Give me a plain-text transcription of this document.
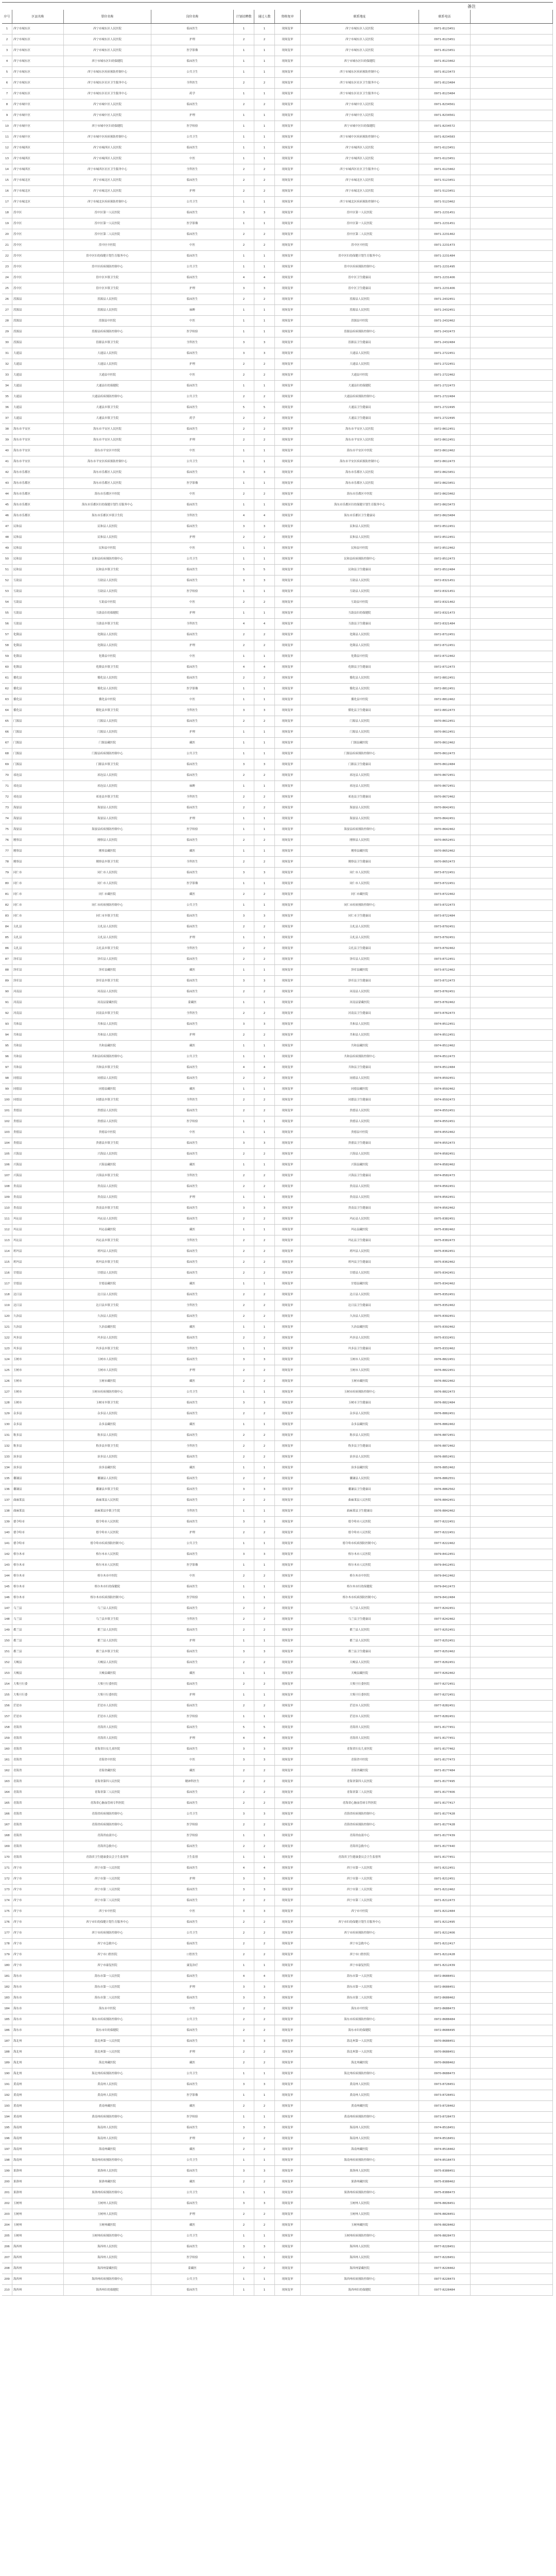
备注
序号	区县名称	單位名称	岗位名称	计划招聘数	通过人数	资格复审	联系地址	联系电话
1	西宁市城东区	西宁市城东区人民医院	临床医生	1	1	现场复审	西宁市城东区人民医院	0971-8123451
2	西宁市城东区	西宁市城东区人民医院	护理	2	2	现场复审	西宁市城东区人民医院	0971-8123451
3	西宁市城东区	西宁市城东区人民医院	医学影像	1	1	现场复审	西宁市城东区人民医院	0971-8123451
4	西宁市城东区	西宁市城东区妇幼保健院	临床医生	1	1	现场复审	西宁市城东区妇幼保健院	0971-8123462
5	西宁市城东区	西宁市城东区疾病预防控制中心	公共卫生	1	1	现场复审	西宁市城东区疾病预防控制中心	0971-8123473
6	西宁市城东区	西宁市城东区社区卫生服务中心	全科医生	2	2	现场复审	西宁市城东区社区卫生服务中心	0971-8123484
7	西宁市城东区	西宁市城东区社区卫生服务中心	药学	1	1	现场复审	西宁市城东区社区卫生服务中心	0971-8123484
8	西宁市城中区	西宁市城中区人民医院	临床医生	2	2	现场复审	西宁市城中区人民医院	0971-8234561
9	西宁市城中区	西宁市城中区人民医院	护理	1	1	现场复审	西宁市城中区人民医院	0971-8234561
10	西宁市城中区	西宁市城中区妇幼保健院	医学检验	1	1	现场复审	西宁市城中区妇幼保健院	0971-8234572
11	西宁市城中区	西宁市城中区疾病预防控制中心	公共卫生	1	1	现场复审	西宁市城中区疾病预防控制中心	0971-8234583
12	西宁市城西区	西宁市城西区人民医院	临床医生	1	1	现场复审	西宁市城西区人民医院	0971-6123451
13	西宁市城西区	西宁市城西区人民医院	中医	1	1	现场复审	西宁市城西区人民医院	0971-6123451
14	西宁市城西区	西宁市城西区社区卫生服务中心	全科医生	2	2	现场复审	西宁市城西区社区卫生服务中心	0971-6123462
15	西宁市城北区	西宁市城北区人民医院	临床医生	2	2	现场复审	西宁市城北区人民医院	0971-5123451
16	西宁市城北区	西宁市城北区人民医院	护理	2	2	现场复审	西宁市城北区人民医院	0971-5123451
17	西宁市城北区	西宁市城北区疾病预防控制中心	公共卫生	1	1	现场复审	西宁市城北区疾病预防控制中心	0971-5123462
18	湟中区	湟中区第一人民医院	临床医生	3	3	现场复审	湟中区第一人民医院	0971-2231451
19	湟中区	湟中区第一人民医院	医学影像	1	1	现场复审	湟中区第一人民医院	0971-2231451
20	湟中区	湟中区第二人民医院	临床医生	2	2	现场复审	湟中区第二人民医院	0971-2231462
21	湟中区	湟中区中医院	中医	2	2	现场复审	湟中区中医院	0971-2231473
22	湟中区	湟中区妇幼保健计划生育服务中心	临床医生	1	1	现场复审	湟中区妇幼保健计划生育服务中心	0971-2231484
23	湟中区	湟中区疾病预防控制中心	公共卫生	1	1	现场复审	湟中区疾病预防控制中心	0971-2231495
24	湟中区	湟中区乡镇卫生院	临床医生	4	4	现场复审	湟中区卫生健康局	0971-2231406
25	湟中区	湟中区乡镇卫生院	护理	3	3	现场复审	湟中区卫生健康局	0971-2231406
26	湟源县	湟源县人民医院	临床医生	2	2	现场复审	湟源县人民医院	0971-2432451
27	湟源县	湟源县人民医院	麻醉	1	1	现场复审	湟源县人民医院	0971-2432451
28	湟源县	湟源县中医院	中医	1	1	现场复审	湟源县中医院	0971-2432462
29	湟源县	湟源县疾病预防控制中心	医学检验	1	1	现场复审	湟源县疾病预防控制中心	0971-2432473
30	湟源县	湟源县乡镇卫生院	全科医生	3	3	现场复审	湟源县卫生健康局	0971-2432484
31	大通县	大通县人民医院	临床医生	3	3	现场复审	大通县人民医院	0971-2722451
32	大通县	大通县人民医院	护理	2	2	现场复审	大通县人民医院	0971-2722451
33	大通县	大通县中医院	中医	2	2	现场复审	大通县中医院	0971-2722462
34	大通县	大通县妇幼保健院	临床医生	1	1	现场复审	大通县妇幼保健院	0971-2722473
35	大通县	大通县疾病预防控制中心	公共卫生	2	2	现场复审	大通县疾病预防控制中心	0971-2722484
36	大通县	大通县乡镇卫生院	临床医生	5	5	现场复审	大通县卫生健康局	0971-2722495
37	大通县	大通县乡镇卫生院	药学	2	2	现场复审	大通县卫生健康局	0971-2722495
38	海东市平安区	海东市平安区人民医院	临床医生	2	2	现场复审	海东市平安区人民医院	0972-8612451
39	海东市平安区	海东市平安区人民医院	护理	2	2	现场复审	海东市平安区人民医院	0972-8612451
40	海东市平安区	海东市平安区中医院	中医	1	1	现场复审	海东市平安区中医院	0972-8612462
41	海东市平安区	海东市平安区疾病预防控制中心	公共卫生	1	1	现场复审	海东市平安区疾病预防控制中心	0972-8612473
42	海东市乐都区	海东市乐都区人民医院	临床医生	3	3	现场复审	海东市乐都区人民医院	0972-8623451
43	海东市乐都区	海东市乐都区人民医院	医学影像	1	1	现场复审	海东市乐都区人民医院	0972-8623451
44	海东市乐都区	海东市乐都区中医院	中医	2	2	现场复审	海东市乐都区中医院	0972-8623462
45	海东市乐都区	海东市乐都区妇幼保健计划生育服务中心	临床医生	1	1	现场复审	海东市乐都区妇幼保健计划生育服务中心	0972-8623473
46	海东市乐都区	海东市乐都区乡镇卫生院	全科医生	4	4	现场复审	海东市乐都区卫生健康局	0972-8623484
47	民和县	民和县人民医院	临床医生	3	3	现场复审	民和县人民医院	0972-8512451
48	民和县	民和县人民医院	护理	2	2	现场复审	民和县人民医院	0972-8512451
49	民和县	民和县中医院	中医	1	1	现场复审	民和县中医院	0972-8512462
50	民和县	民和县疾病预防控制中心	公共卫生	1	1	现场复审	民和县疾病预防控制中心	0972-8512473
51	民和县	民和县乡镇卫生院	临床医生	5	5	现场复审	民和县卫生健康局	0972-8512484
52	互助县	互助县人民医院	临床医生	3	3	现场复审	互助县人民医院	0972-8321451
53	互助县	互助县人民医院	医学检验	1	1	现场复审	互助县人民医院	0972-8321451
54	互助县	互助县中医院	中医	2	2	现场复审	互助县中医院	0972-8321462
55	互助县	互助县妇幼保健院	护理	1	1	现场复审	互助县妇幼保健院	0972-8321473
56	互助县	互助县乡镇卫生院	全科医生	4	4	现场复审	互助县卫生健康局	0972-8321484
57	化隆县	化隆县人民医院	临床医生	2	2	现场复审	化隆县人民医院	0972-8712451
58	化隆县	化隆县人民医院	护理	2	2	现场复审	化隆县人民医院	0972-8712451
59	化隆县	化隆县中医院	中医	1	1	现场复审	化隆县中医院	0972-8712462
60	化隆县	化隆县乡镇卫生院	临床医生	4	4	现场复审	化隆县卫生健康局	0972-8712473
61	循化县	循化县人民医院	临床医生	2	2	现场复审	循化县人民医院	0972-8812451
62	循化县	循化县人民医院	医学影像	1	1	现场复审	循化县人民医院	0972-8812451
63	循化县	循化县中医院	中医	1	1	现场复审	循化县中医院	0972-8812462
64	循化县	循化县乡镇卫生院	全科医生	3	3	现场复审	循化县卫生健康局	0972-8812473
65	门源县	门源县人民医院	临床医生	2	2	现场复审	门源县人民医院	0970-8612451
66	门源县	门源县人民医院	护理	1	1	现场复审	门源县人民医院	0970-8612451
67	门源县	门源县藏医院	藏医	1	1	现场复审	门源县藏医院	0970-8612462
68	门源县	门源县疾病预防控制中心	公共卫生	1	1	现场复审	门源县疾病预防控制中心	0970-8612473
69	门源县	门源县乡镇卫生院	临床医生	3	3	现场复审	门源县卫生健康局	0970-8612484
70	祁连县	祁连县人民医院	临床医生	2	2	现场复审	祁连县人民医院	0970-8672451
71	祁连县	祁连县人民医院	麻醉	1	1	现场复审	祁连县人民医院	0970-8672451
72	祁连县	祁连县乡镇卫生院	全科医生	2	2	现场复审	祁连县卫生健康局	0970-8672462
73	海晏县	海晏县人民医院	临床医生	2	2	现场复审	海晏县人民医院	0970-8642451
74	海晏县	海晏县人民医院	护理	1	1	现场复审	海晏县人民医院	0970-8642451
75	海晏县	海晏县疾病预防控制中心	医学检验	1	1	现场复审	海晏县疾病预防控制中心	0970-8642462
76	刚察县	刚察县人民医院	临床医生	2	2	现场复审	刚察县人民医院	0970-8652451
77	刚察县	刚察县藏医院	藏医	1	1	现场复审	刚察县藏医院	0970-8652462
78	刚察县	刚察县乡镇卫生院	全科医生	2	2	现场复审	刚察县卫生健康局	0970-8652473
79	同仁市	同仁市人民医院	临床医生	3	3	现场复审	同仁市人民医院	0973-8722451
80	同仁市	同仁市人民医院	医学影像	1	1	现场复审	同仁市人民医院	0973-8722451
81	同仁市	同仁市藏医院	藏医	2	2	现场复审	同仁市藏医院	0973-8722462
82	同仁市	同仁市疾病预防控制中心	公共卫生	1	1	现场复审	同仁市疾病预防控制中心	0973-8722473
83	同仁市	同仁市乡镇卫生院	临床医生	3	3	现场复审	同仁市卫生健康局	0973-8722484
84	尖扎县	尖扎县人民医院	临床医生	2	2	现场复审	尖扎县人民医院	0973-8792451
85	尖扎县	尖扎县人民医院	护理	1	1	现场复审	尖扎县人民医院	0973-8792451
86	尖扎县	尖扎县乡镇卫生院	全科医生	2	2	现场复审	尖扎县卫生健康局	0973-8792462
87	泽库县	泽库县人民医院	临床医生	2	2	现场复审	泽库县人民医院	0973-8712451
88	泽库县	泽库县藏医院	藏医	1	1	现场复审	泽库县藏医院	0973-8712462
89	泽库县	泽库县乡镇卫生院	临床医生	3	3	现场复审	泽库县卫生健康局	0973-8712473
90	河南县	河南县人民医院	临床医生	2	2	现场复审	河南县人民医院	0973-8762451
91	河南县	河南县蒙藏医院	蒙藏医	1	1	现场复审	河南县蒙藏医院	0973-8762462
92	河南县	河南县乡镇卫生院	全科医生	2	2	现场复审	河南县卫生健康局	0973-8762473
93	共和县	共和县人民医院	临床医生	3	3	现场复审	共和县人民医院	0974-8512451
94	共和县	共和县人民医院	护理	2	2	现场复审	共和县人民医院	0974-8512451
95	共和县	共和县藏医院	藏医	1	1	现场复审	共和县藏医院	0974-8512462
96	共和县	共和县疾病预防控制中心	公共卫生	1	1	现场复审	共和县疾病预防控制中心	0974-8512473
97	共和县	共和县乡镇卫生院	临床医生	4	4	现场复审	共和县卫生健康局	0974-8512484
98	同德县	同德县人民医院	临床医生	2	2	现场复审	同德县人民医院	0974-8592451
99	同德县	同德县藏医院	藏医	1	1	现场复审	同德县藏医院	0974-8592462
100	同德县	同德县乡镇卫生院	全科医生	2	2	现场复审	同德县卫生健康局	0974-8592473
101	贵德县	贵德县人民医院	临床医生	2	2	现场复审	贵德县人民医院	0974-8552451
102	贵德县	贵德县人民医院	医学检验	1	1	现场复审	贵德县人民医院	0974-8552451
103	贵德县	贵德县中医院	中医	1	1	现场复审	贵德县中医院	0974-8552462
104	贵德县	贵德县乡镇卫生院	临床医生	3	3	现场复审	贵德县卫生健康局	0974-8552473
105	兴海县	兴海县人民医院	临床医生	2	2	现场复审	兴海县人民医院	0974-8582451
106	兴海县	兴海县藏医院	藏医	1	1	现场复审	兴海县藏医院	0974-8582462
107	兴海县	兴海县乡镇卫生院	全科医生	2	2	现场复审	兴海县卫生健康局	0974-8582473
108	贵南县	贵南县人民医院	临床医生	2	2	现场复审	贵南县人民医院	0974-8562451
109	贵南县	贵南县人民医院	护理	1	1	现场复审	贵南县人民医院	0974-8562451
110	贵南县	贵南县乡镇卫生院	临床医生	3	3	现场复审	贵南县卫生健康局	0974-8562462
111	玛沁县	玛沁县人民医院	临床医生	2	2	现场复审	玛沁县人民医院	0975-8382451
112	玛沁县	玛沁县藏医院	藏医	1	1	现场复审	玛沁县藏医院	0975-8382462
113	玛沁县	玛沁县乡镇卫生院	全科医生	2	2	现场复审	玛沁县卫生健康局	0975-8382473
114	班玛县	班玛县人民医院	临床医生	2	2	现场复审	班玛县人民医院	0975-8362451
115	班玛县	班玛县乡镇卫生院	临床医生	2	2	现场复审	班玛县卫生健康局	0975-8362462
116	甘德县	甘德县人民医院	临床医生	2	2	现场复审	甘德县人民医院	0975-8342451
117	甘德县	甘德县藏医院	藏医	1	1	现场复审	甘德县藏医院	0975-8342462
118	达日县	达日县人民医院	临床医生	2	2	现场复审	达日县人民医院	0975-8352451
119	达日县	达日县乡镇卫生院	全科医生	2	2	现场复审	达日县卫生健康局	0975-8352462
120	久治县	久治县人民医院	临床医生	2	2	现场复审	久治县人民医院	0975-8392451
121	久治县	久治县藏医院	藏医	1	1	现场复审	久治县藏医院	0975-8392462
122	玛多县	玛多县人民医院	临床医生	2	2	现场复审	玛多县人民医院	0975-8332451
123	玛多县	玛多县乡镇卫生院	全科医生	1	1	现场复审	玛多县卫生健康局	0975-8332462
124	玉树市	玉树市人民医院	临床医生	3	3	现场复审	玉树市人民医院	0976-8822451
125	玉树市	玉树市人民医院	护理	2	2	现场复审	玉树市人民医院	0976-8822451
126	玉树市	玉树市藏医院	藏医	2	2	现场复审	玉树市藏医院	0976-8822462
127	玉树市	玉树市疾病预防控制中心	公共卫生	1	1	现场复审	玉树市疾病预防控制中心	0976-8822473
128	玉树市	玉树市乡镇卫生院	临床医生	3	3	现场复审	玉树市卫生健康局	0976-8822484
129	杂多县	杂多县人民医院	临床医生	2	2	现场复审	杂多县人民医院	0976-8862451
130	杂多县	杂多县藏医院	藏医	1	1	现场复审	杂多县藏医院	0976-8862462
131	称多县	称多县人民医院	临床医生	2	2	现场复审	称多县人民医院	0976-8872451
132	称多县	称多县乡镇卫生院	全科医生	2	2	现场复审	称多县卫生健康局	0976-8872462
133	治多县	治多县人民医院	临床医生	2	2	现场复审	治多县人民医院	0976-8852451
134	治多县	治多县藏医院	藏医	1	1	现场复审	治多县藏医院	0976-8852462
135	囊谦县	囊谦县人民医院	临床医生	2	2	现场复审	囊谦县人民医院	0976-8862551
136	囊谦县	囊谦县乡镇卫生院	临床医生	3	3	现场复审	囊谦县卫生健康局	0976-8862562
137	曲麻莱县	曲麻莱县人民医院	临床医生	2	2	现场复审	曲麻莱县人民医院	0976-8842451
138	曲麻莱县	曲麻莱县乡镇卫生院	全科医生	1	1	现场复审	曲麻莱县卫生健康局	0976-8842462
139	德令哈市	德令哈市人民医院	临床医生	3	3	现场复审	德令哈市人民医院	0977-8222451
140	德令哈市	德令哈市人民医院	护理	2	2	现场复审	德令哈市人民医院	0977-8222451
141	德令哈市	德令哈市疾病预防控制中心	公共卫生	1	1	现场复审	德令哈市疾病预防控制中心	0977-8222462
142	格尔木市	格尔木市人民医院	临床医生	3	3	现场复审	格尔木市人民医院	0979-8412451
143	格尔木市	格尔木市人民医院	医学影像	1	1	现场复审	格尔木市人民医院	0979-8412451
144	格尔木市	格尔木市中医院	中医	2	2	现场复审	格尔木市中医院	0979-8412462
145	格尔木市	格尔木市妇幼保健院	临床医生	1	1	现场复审	格尔木市妇幼保健院	0979-8412473
146	格尔木市	格尔木市疾病预防控制中心	医学检验	1	1	现场复审	格尔木市疾病预防控制中心	0979-8412484
147	乌兰县	乌兰县人民医院	临床医生	2	2	现场复审	乌兰县人民医院	0977-8242451
148	乌兰县	乌兰县乡镇卫生院	全科医生	2	2	现场复审	乌兰县卫生健康局	0977-8242462
149	都兰县	都兰县人民医院	临床医生	2	2	现场复审	都兰县人民医院	0977-8252451
150	都兰县	都兰县人民医院	护理	1	1	现场复审	都兰县人民医院	0977-8252451
151	都兰县	都兰县乡镇卫生院	临床医生	3	3	现场复审	都兰县卫生健康局	0977-8252462
152	天峻县	天峻县人民医院	临床医生	2	2	现场复审	天峻县人民医院	0977-8262451
153	天峻县	天峻县藏医院	藏医	1	1	现场复审	天峻县藏医院	0977-8262462
154	大柴旦行委	大柴旦行委医院	临床医生	2	2	现场复审	大柴旦行委医院	0977-8272451
155	大柴旦行委	大柴旦行委医院	护理	1	1	现场复审	大柴旦行委医院	0977-8272451
156	茫崖市	茫崖市人民医院	临床医生	2	2	现场复审	茫崖市人民医院	0977-8282451
157	茫崖市	茫崖市人民医院	医学检验	1	1	现场复审	茫崖市人民医院	0977-8282451
158	青海省	青海省人民医院	临床医生	5	5	现场复审	青海省人民医院	0971-8177451
159	青海省	青海省人民医院	护理	4	4	现场复审	青海省人民医院	0971-8177451
160	青海省	青海省妇女儿童医院	临床医生	3	3	现场复审	青海省妇女儿童医院	0971-8177462
161	青海省	青海省中医院	中医	3	3	现场复审	青海省中医院	0971-8177473
162	青海省	青海省藏医院	藏医	2	2	现场复审	青海省藏医院	0971-8177484
163	青海省	青海省第四人民医院	精神科医生	2	2	现场复审	青海省第四人民医院	0971-8177495
164	青海省	青海省第三人民医院	临床医生	2	2	现场复审	青海省第三人民医院	0971-8177406
165	青海省	青海省心脑血管病专科医院	临床医生	2	2	现场复审	青海省心脑血管病专科医院	0971-8177417
166	青海省	青海省疾病预防控制中心	公共卫生	3	3	现场复审	青海省疾病预防控制中心	0971-8177428
167	青海省	青海省疾病预防控制中心	医学检验	2	2	现场复审	青海省疾病预防控制中心	0971-8177428
168	青海省	青海省血液中心	医学检验	1	1	现场复审	青海省血液中心	0971-8177439
169	青海省	青海省急救中心	临床医生	2	2	现场复审	青海省急救中心	0971-8177440
170	青海省	青海省卫生健康委员会卫生监督所	卫生监督	1	1	现场复审	青海省卫生健康委员会卫生监督所	0971-8177451
171	西宁市	西宁市第一人民医院	临床医生	4	4	现场复审	西宁市第一人民医院	0971-8212451
172	西宁市	西宁市第一人民医院	护理	3	3	现场复审	西宁市第一人民医院	0971-8212451
173	西宁市	西宁市第二人民医院	临床医生	3	3	现场复审	西宁市第二人民医院	0971-8212462
174	西宁市	西宁市第三人民医院	临床医生	2	2	现场复审	西宁市第三人民医院	0971-8212473
175	西宁市	西宁市中医院	中医	3	3	现场复审	西宁市中医院	0971-8212484
176	西宁市	西宁市妇幼保健计划生育服务中心	临床医生	2	2	现场复审	西宁市妇幼保健计划生育服务中心	0971-8212495
177	西宁市	西宁市疾病预防控制中心	公共卫生	2	2	现场复审	西宁市疾病预防控制中心	0971-8212406
178	西宁市	西宁市急救中心	临床医生	2	2	现场复审	西宁市急救中心	0971-8212417
179	西宁市	西宁市口腔医院	口腔医生	2	2	现场复审	西宁市口腔医院	0971-8212428
180	西宁市	西宁市康复医院	康复治疗	1	1	现场复审	西宁市康复医院	0971-8212439
181	海东市	海东市第一人民医院	临床医生	4	4	现场复审	海东市第一人民医院	0972-8688451
182	海东市	海东市第一人民医院	护理	3	3	现场复审	海东市第一人民医院	0972-8688451
183	海东市	海东市第二人民医院	临床医生	3	3	现场复审	海东市第二人民医院	0972-8688462
184	海东市	海东市中医院	中医	2	2	现场复审	海东市中医院	0972-8688473
185	海东市	海东市疾病预防控制中心	公共卫生	2	2	现场复审	海东市疾病预防控制中心	0972-8688484
186	海东市	海东市妇幼保健院	临床医生	2	2	现场复审	海东市妇幼保健院	0972-8688495
187	海北州	海北州第一人民医院	临床医生	3	3	现场复审	海北州第一人民医院	0970-8688451
188	海北州	海北州第一人民医院	护理	2	2	现场复审	海北州第一人民医院	0970-8688451
189	海北州	海北州藏医院	藏医	2	2	现场复审	海北州藏医院	0970-8688462
190	海北州	海北州疾病预防控制中心	公共卫生	1	1	现场复审	海北州疾病预防控制中心	0970-8688473
191	黄南州	黄南州人民医院	临床医生	3	3	现场复审	黄南州人民医院	0973-8728451
192	黄南州	黄南州人民医院	医学影像	1	1	现场复审	黄南州人民医院	0973-8728451
193	黄南州	黄南州藏医院	藏医	2	2	现场复审	黄南州藏医院	0973-8728462
194	黄南州	黄南州疾病预防控制中心	医学检验	1	1	现场复审	黄南州疾病预防控制中心	0973-8728473
195	海南州	海南州人民医院	临床医生	3	3	现场复审	海南州人民医院	0974-8518451
196	海南州	海南州人民医院	护理	2	2	现场复审	海南州人民医院	0974-8518451
197	海南州	海南州藏医院	藏医	2	2	现场复审	海南州藏医院	0974-8518462
198	海南州	海南州疾病预防控制中心	公共卫生	1	1	现场复审	海南州疾病预防控制中心	0974-8518473
199	果洛州	果洛州人民医院	临床医生	3	3	现场复审	果洛州人民医院	0975-8388451
200	果洛州	果洛州藏医院	藏医	2	2	现场复审	果洛州藏医院	0975-8388462
201	果洛州	果洛州疾病预防控制中心	公共卫生	1	1	现场复审	果洛州疾病预防控制中心	0975-8388473
202	玉树州	玉树州人民医院	临床医生	3	3	现场复审	玉树州人民医院	0976-8828451
203	玉树州	玉树州人民医院	护理	2	2	现场复审	玉树州人民医院	0976-8828451
204	玉树州	玉树州藏医院	藏医	2	2	现场复审	玉树州藏医院	0976-8828462
205	玉树州	玉树州疾病预防控制中心	公共卫生	1	1	现场复审	玉树州疾病预防控制中心	0976-8828473
206	海西州	海西州人民医院	临床医生	3	3	现场复审	海西州人民医院	0977-8228451
207	海西州	海西州人民医院	医学检验	1	1	现场复审	海西州人民医院	0977-8228451
208	海西州	海西州蒙藏医院	蒙藏医	2	2	现场复审	海西州蒙藏医院	0977-8228462
209	海西州	海西州疾病预防控制中心	公共卫生	1	1	现场复审	海西州疾病预防控制中心	0977-8228473
210	海西州	海西州妇幼保健院	临床医生	1	1	现场复审	海西州妇幼保健院	0977-8228484
